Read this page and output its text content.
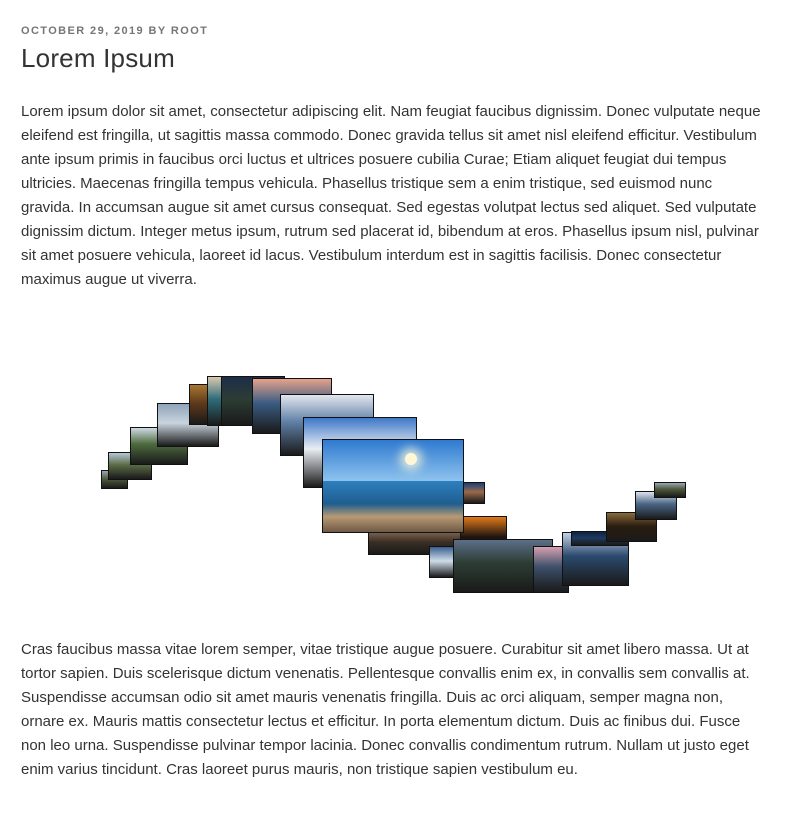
OCTOBER 29, 2019 BY ROOT
Lorem Ipsum

Lorem ipsum dolor sit amet, consectetur adipiscing elit. Nam feugiat faucibus dignissim. Donec vulputate neque eleifend est fringilla, ut sagittis massa commodo. Donec gravida tellus sit amet nisl eleifend efficitur. Vestibulum ante ipsum primis in faucibus orci luctus et ultrices posuere cubilia Curae; Etiam aliquet feugiat dui tempus ultricies. Maecenas fringilla tempus vehicula. Phasellus tristique sem a enim tristique, sed euismod nunc gravida. In accumsan augue sit amet cursus consequat. Sed egestas volutpat lectus sed aliquet. Sed vulputate dignissim dictum. Integer metus ipsum, rutrum sed placerat id, bibendum at eros. Phasellus ipsum nisl, pulvinar sit amet posuere vehicula, laoreet id lacus. Vestibulum interdum est in sagittis facilisis. Donec consectetur maximus augue ut viverra.

Cras faucibus massa vitae lorem semper, vitae tristique augue posuere. Curabitur sit amet libero massa. Ut at tortor sapien. Duis scelerisque dictum venenatis. Pellentesque convallis enim ex, in convallis sem convallis at. Suspendisse accumsan odio sit amet mauris venenatis fringilla. Duis ac orci aliquam, semper magna non, ornare ex. Mauris mattis consectetur lectus et efficitur. In porta elementum dictum. Duis ac finibus dui. Fusce non leo urna. Suspendisse pulvinar tempor lacinia. Donec convallis condimentum rutrum. Nullam ut justo eget enim varius tincidunt. Cras laoreet purus mauris, non tristique sapien vestibulum eu.
